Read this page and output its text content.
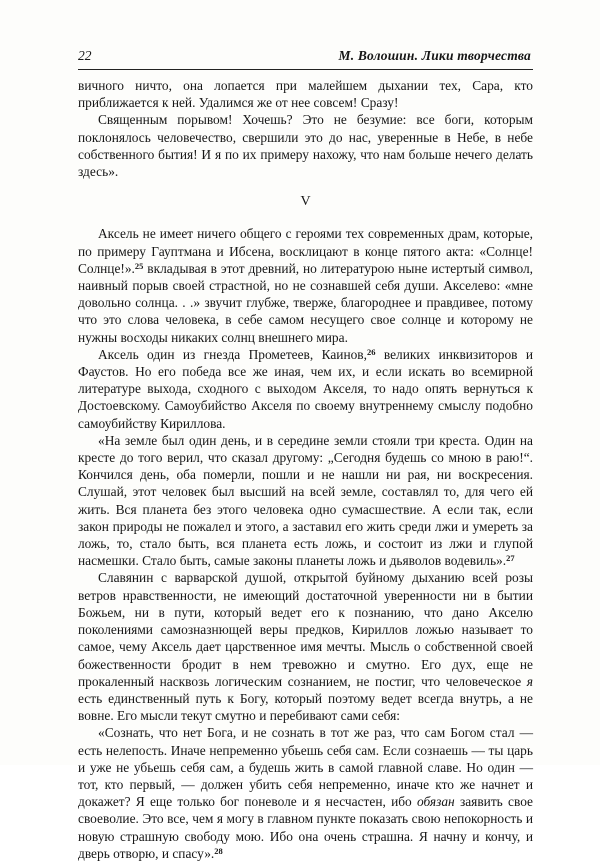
22	М. Волошин. Лики творчества

вичного ничто, она лопается при малейшем дыхании тех, Сара, кто приближается к ней. Удалимся же от нее совсем! Сразу!

Священным порывом! Хочешь? Это не безумие: все боги, которым поклонялось человечество, свершили это до нас, уверенные в Небе, в небе собственного бытия! И я по их примеру нахожу, что нам больше нечего делать здесь».

V

Аксель не имеет ничего общего с героями тех современных драм, которые, по примеру Гауптмана и Ибсена, восклицают в конце пятого акта: «Солнце! Солнце!».$^{25}$ вкладывая в этот древний, но литературою ныне истертый символ, наивный порыв своей страстной, но не сознавшей себя души. Акселево: «мне довольно солнца. . .» звучит глубже, тверже, благороднее и правдивее, потому что это слова человека, в себе самом несущего свое солнце и которому не нужны восходы никаких солнц внешнего мира.

Аксель один из гнезда Прометеев, Каинов,$^{26}$ великих инквизиторов и Фаустов. Но его победа все же иная, чем их, и если искать во всемирной литературе выхода, сходного с выходом Акселя, то надо опять вернуться к Достоевскому. Самоубийство Акселя по своему внутреннему смыслу подобно самоубийству Кириллова.

«На земле был один день, и в середине земли стояли три креста. Один на кресте до того верил, что сказал другому: „Сегодня будешь со мною в раю!“. Кончился день, оба померли, пошли и не нашли ни рая, ни воскресения. Слушай, этот человек был высший на всей земле, составлял то, для чего ей жить. Вся планета без этого человека одно сумасшествие. А если так, если закон природы не пожалел и этого, а заставил его жить среди лжи и умереть за ложь, то, стало быть, вся планета есть ложь, и состоит из лжи и глупой насмешки. Стало быть, самые законы планеты ложь и дьяволов водевиль».$^{27}$

Славянин с варварской душой, открытой буйному дыханию всей розы ветров нравственности, не имеющий достаточной уверенности ни в бытии Божьем, ни в пути, который ведет его к познанию, что дано Акселю поколениями самозназнющей веры предков, Кириллов ложью называет то самое, чему Аксель дает царственное имя мечты. Мысль о собственной своей божественности бродит в нем тревожно и смутно. Его дух, еще не прокаленный насквозь логическим сознанием, не постиг, что человеческое я есть единственный путь к Богу, который поэтому ведет всегда внутрь, а не вовне. Его мысли текут смутно и перебивают сами себя:

«Сознать, что нет Бога, и не сознать в тот же раз, что сам Богом стал — есть нелепость. Иначе непременно убьешь себя сам. Если сознаешь — ты царь и уже не убьешь себя сам, а будешь жить в самой главной славе. Но один — тот, кто первый, — должен убить себя непременно, иначе кто же начнет и докажет? Я еще только бог поневоле и я несчастен, ибо обязан заявить свое своеволие. Это все, чем я могу в главном пункте показать свою непокорность и новую страшную свободу мою. Ибо она очень страшна. Я начну и кончу, и дверь отворю, и спасу».$^{28}$
